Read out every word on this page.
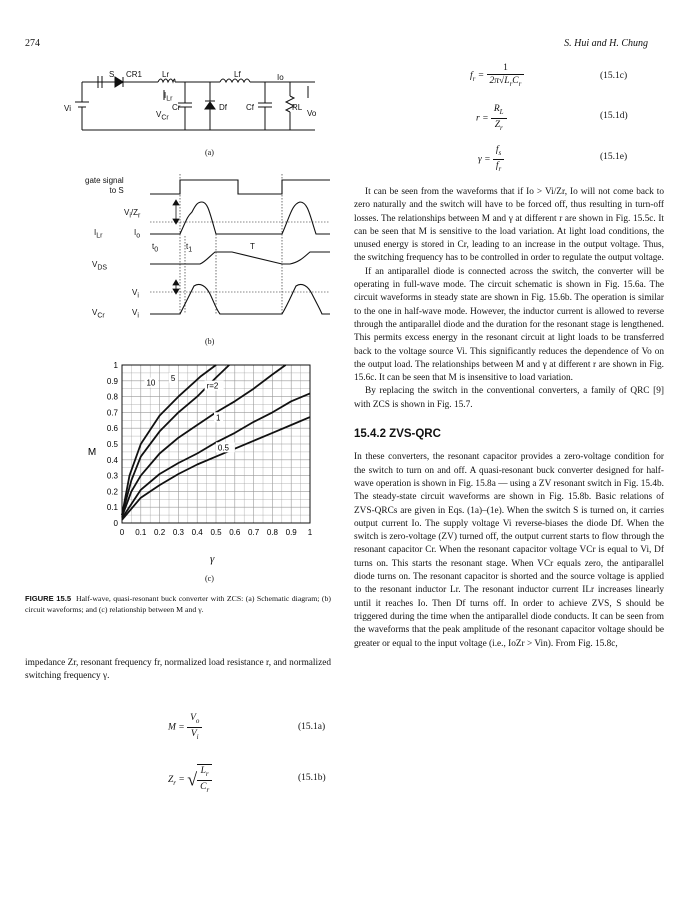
274	S. Hui and H. Chung
S CR1 Lr	Lf	Io
Vi
$I_{Lr}$
$V_{Cr}$
Cr	Df Cf	RL
Vo
(a)
gate signal
to S
$V_i/Z_r$
$I_{Lr}$	$I_o$
$t_0$	$t_1$	T
$V_{DS}$
$V_i$
$V_{Cr}$	$V_i$
(b)
0 0.1 0.2 0.3 0.4 0.5 0.6 0.7 0.8 0.9 1
0
0.1
0.2
0.3
0.4
0.5
0.6
0.7
0.8
0.9
1
10
5
r=2
1
0.5
M
γ
(c)
FIGURE 15.5 Half-wave, quasi-resonant buck converter with ZCS: (a) Schematic diagram; (b) circuit waveforms; and (c) relationship between M and γ.

impedance Zr, resonant frequency fr, normalized load resistance r, and normalized switching frequency γ.

$M = \frac{V_o}{V_i}$	(15.1a)
$Z_r$ = √ $\frac{L_r}{C_r}$	(15.1b)
$f_r = \frac{1}{2\pi√L_rC_r}$	(15.1c)
$r = \frac{R_L}{Z_r}$	(15.1d)
$\gamma = \frac{f_s}{f_r}$	(15.1e)

It can be seen from the waveforms that if Io > Vi/Zr, Io will not come back to zero naturally and the switch will have to be forced off, thus resulting in turn-off losses. The relationships between M and γ at different r are shown in Fig. 15.5c. It can be seen that M is sensitive to the load variation. At light load conditions, the unused energy is stored in Cr, leading to an increase in the output voltage. Thus, the switching frequency has to be controlled in order to regulate the output voltage.

If an antiparallel diode is connected across the switch, the converter will be operating in full-wave mode. The circuit schematic is shown in Fig. 15.6a. The circuit waveforms in steady state are shown in Fig. 15.6b. The operation is similar to the one in half-wave mode. However, the inductor current is allowed to reverse through the antiparallel diode and the duration for the resonant stage is lengthened. This permits excess energy in the resonant circuit at light loads to be transferred back to the voltage source Vi. This significantly reduces the dependence of Vo on the output load. The relationships between M and γ at different r are shown in Fig. 15.6c. It can be seen that M is insensitive to load variation.

By replacing the switch in the conventional converters, a family of QRC [9] with ZCS is shown in Fig. 15.7.

15.4.2 ZVS-QRC

In these converters, the resonant capacitor provides a zero-voltage condition for the switch to turn on and off. A quasi-resonant buck converter designed for half-wave operation is shown in Fig. 15.8a — using a ZV resonant switch in Fig. 15.4b. The steady-state circuit waveforms are shown in Fig. 15.8b. Basic relations of ZVS-QRCs are given in Eqs. (1a)–(1e). When the switch S is turned on, it carries output current Io. The supply voltage Vi reverse-biases the diode Df. When the switch is zero-voltage (ZV) turned off, the output current starts to flow through the resonant capacitor Cr. When the resonant capacitor voltage VCr is equal to Vi, Df turns on. This starts the resonant stage. When VCr equals zero, the antiparallel diode turns on. The resonant capacitor is shorted and the source voltage is applied to the resonant inductor Lr. The resonant inductor current ILr increases linearly until it reaches Io. Then Df turns off. In order to achieve ZVS, S should be triggered during the time when the antiparallel diode conducts. It can be seen from the waveforms that the peak amplitude of the resonant capacitor voltage should be greater or equal to the input voltage (i.e., IoZr > Vin). From Fig. 15.8c,
